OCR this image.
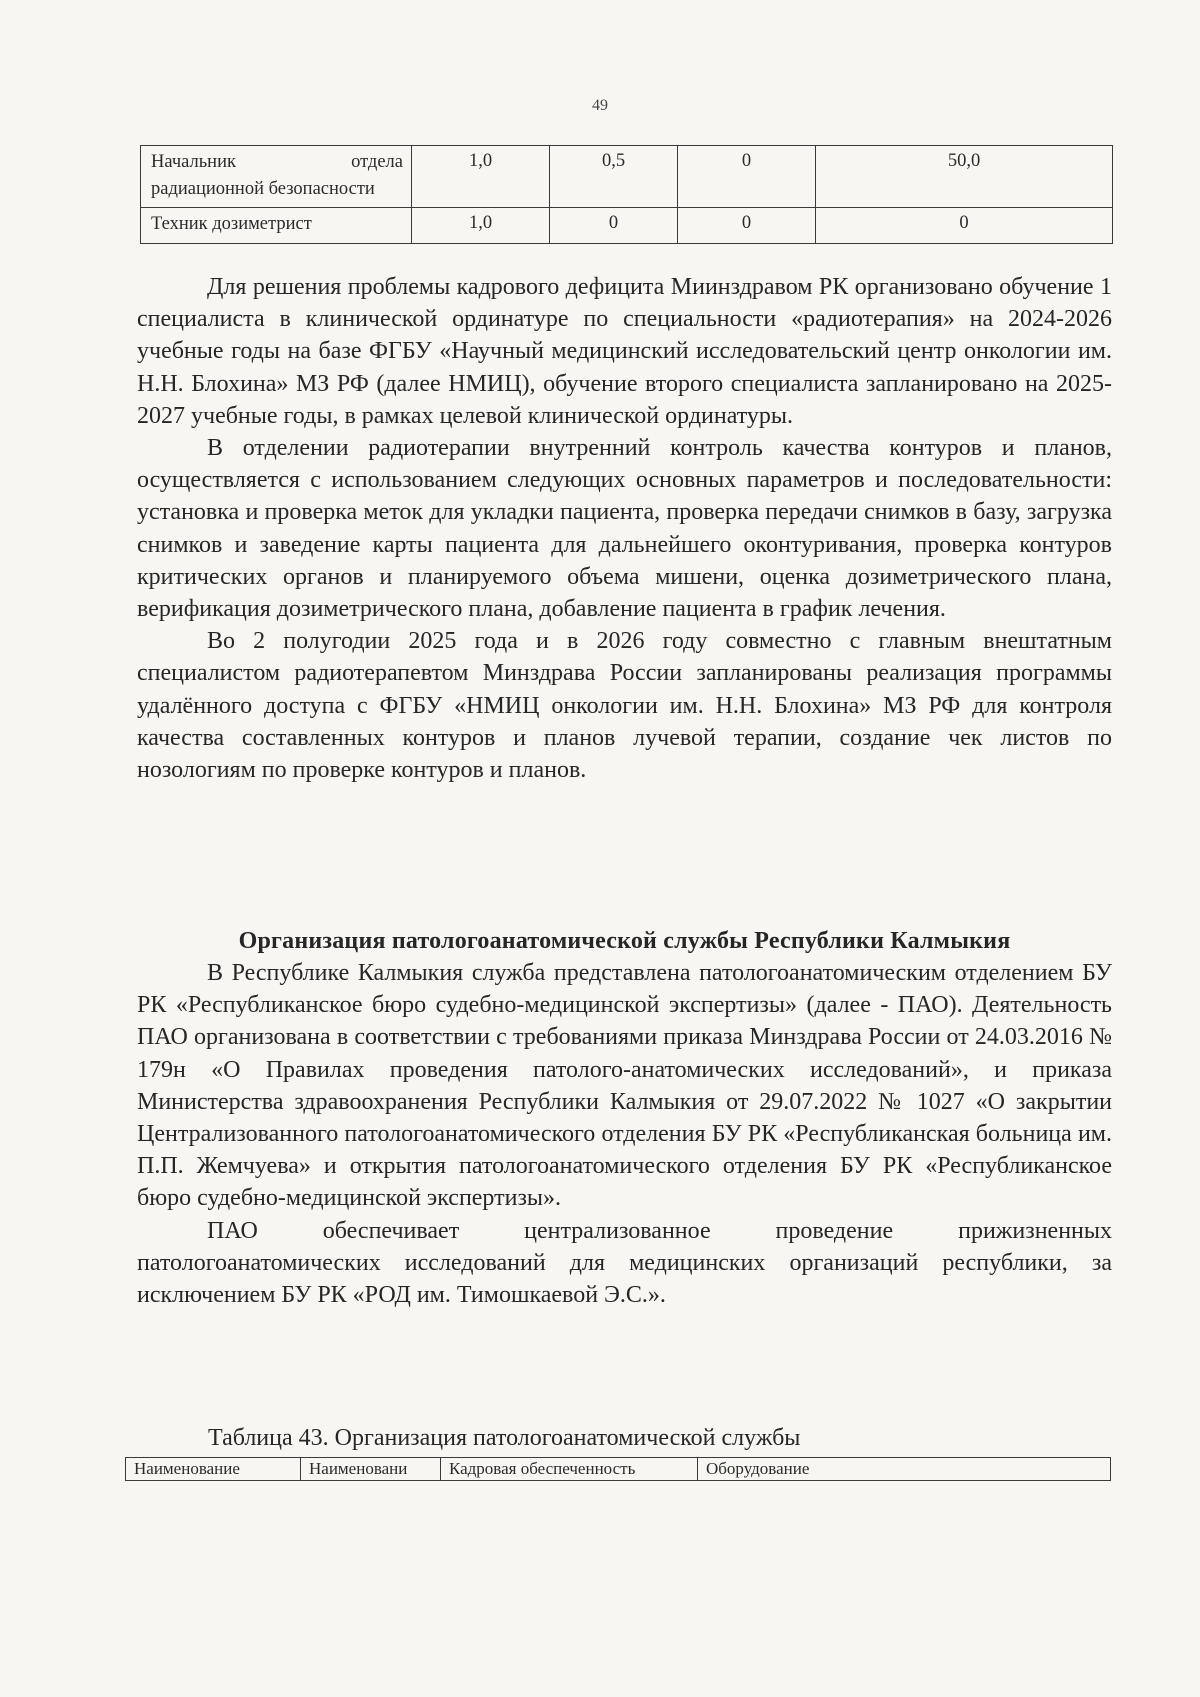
49
Начальник отдела радиационной безопасности	1,0	0,5	0	50,0
Техник дозиметрист	1,0	0	0	0

Для решения проблемы кадрового дефицита Миинздравом РК организовано обучение 1 специалиста в клинической ординатуре по специальности «радиотерапия» на 2024-2026 учебные годы на базе ФГБУ «Научный медицинский исследовательский центр онкологии им. Н.Н. Блохина» МЗ РФ (далее НМИЦ), обучение второго специалиста запланировано на 2025-2027 учебные годы, в рамках целевой клинической ординатуры.

В отделении радиотерапии внутренний контроль качества контуров и планов, осуществляется с использованием следующих основных параметров и последовательности: установка и проверка меток для укладки пациента, проверка передачи снимков в базу, загрузка снимков и заведение карты пациента для дальнейшего оконтуривания, проверка контуров критических органов и планируемого объема мишени, оценка дозиметрического плана, верификация дозиметрического плана, добавление пациента в график лечения.

Во 2 полугодии 2025 года и в 2026 году совместно с главным внештатным специалистом радиотерапевтом Минздрава России запланированы реализация программы удалённого доступа с ФГБУ «НМИЦ онкологии им. Н.Н. Блохина» МЗ РФ для контроля качества составленных контуров и планов лучевой терапии, создание чек листов по нозологиям по проверке контуров и планов.

Организация патологоанатомической службы Республики Калмыкия

В Республике Калмыкия служба представлена патологоанатомическим отделением БУ РК «Республиканское бюро судебно-медицинской экспертизы» (далее - ПАО). Деятельность ПАО организована в соответствии с требованиями приказа Минздрава России от 24.03.2016 № 179н «О Правилах проведения патолого-анатомических исследований», и приказа Министерства здравоохранения Республики Калмыкия от 29.07.2022 № 1027 «О закрытии Централизованного патологоанатомического отделения БУ РК «Республиканская больница им. П.П. Жемчуева» и открытия патологоанатомического отделения БУ РК «Республиканское бюро судебно-медицинской экспертизы».

ПАО обеспечивает централизованное проведение прижизненных патологоанатомических исследований для медицинских организаций республики, за исключением БУ РК «РОД им. Тимошкаевой Э.С.».

Таблица 43. Организация патологоанатомической службы

Наименование	Наименовани	Кадровая обеспеченность	Оборудование
